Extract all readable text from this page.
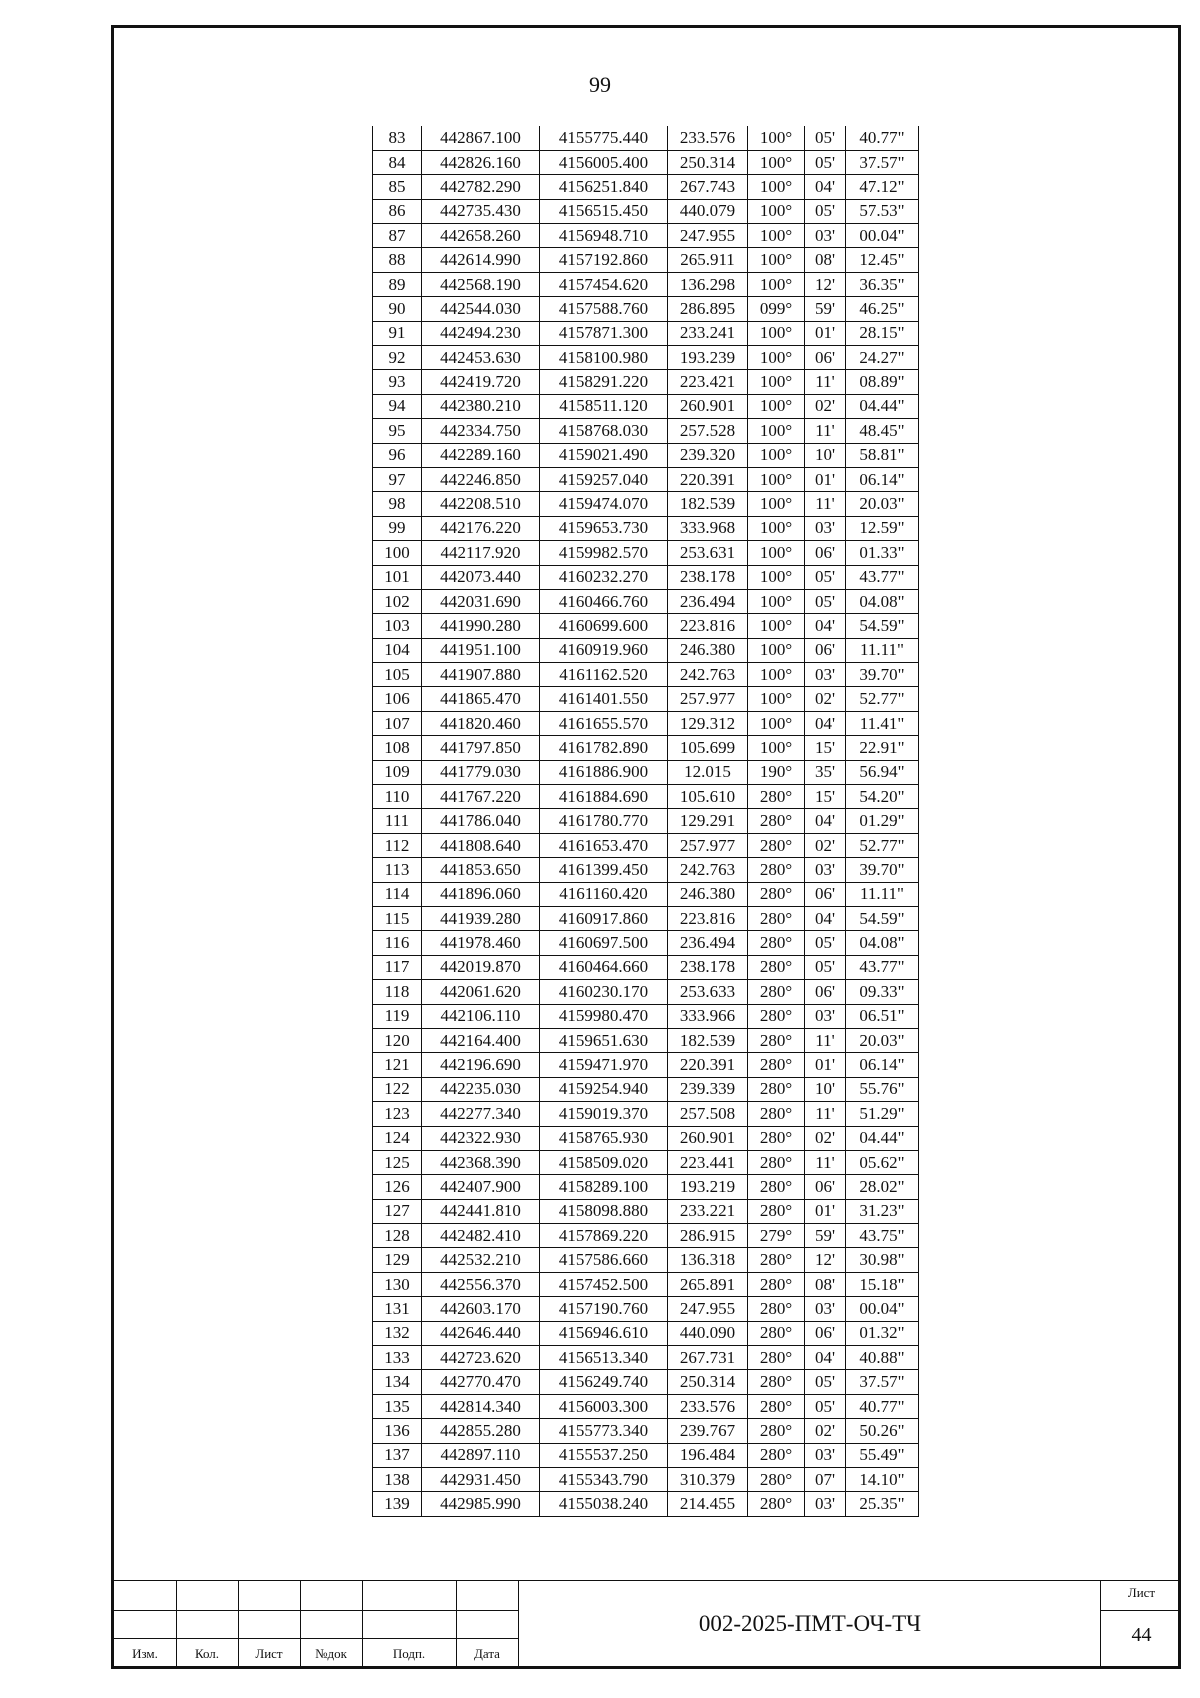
99
83	442867.100	4155775.440	233.576	100°	05'	40.77"
84	442826.160	4156005.400	250.314	100°	05'	37.57"
85	442782.290	4156251.840	267.743	100°	04'	47.12"
86	442735.430	4156515.450	440.079	100°	05'	57.53"
87	442658.260	4156948.710	247.955	100°	03'	00.04"
88	442614.990	4157192.860	265.911	100°	08'	12.45"
89	442568.190	4157454.620	136.298	100°	12'	36.35"
90	442544.030	4157588.760	286.895	099°	59'	46.25"
91	442494.230	4157871.300	233.241	100°	01'	28.15"
92	442453.630	4158100.980	193.239	100°	06'	24.27"
93	442419.720	4158291.220	223.421	100°	11'	08.89"
94	442380.210	4158511.120	260.901	100°	02'	04.44"
95	442334.750	4158768.030	257.528	100°	11'	48.45"
96	442289.160	4159021.490	239.320	100°	10'	58.81"
97	442246.850	4159257.040	220.391	100°	01'	06.14"
98	442208.510	4159474.070	182.539	100°	11'	20.03"
99	442176.220	4159653.730	333.968	100°	03'	12.59"
100	442117.920	4159982.570	253.631	100°	06'	01.33"
101	442073.440	4160232.270	238.178	100°	05'	43.77"
102	442031.690	4160466.760	236.494	100°	05'	04.08"
103	441990.280	4160699.600	223.816	100°	04'	54.59"
104	441951.100	4160919.960	246.380	100°	06'	11.11"
105	441907.880	4161162.520	242.763	100°	03'	39.70"
106	441865.470	4161401.550	257.977	100°	02'	52.77"
107	441820.460	4161655.570	129.312	100°	04'	11.41"
108	441797.850	4161782.890	105.699	100°	15'	22.91"
109	441779.030	4161886.900	12.015	190°	35'	56.94"
110	441767.220	4161884.690	105.610	280°	15'	54.20"
111	441786.040	4161780.770	129.291	280°	04'	01.29"
112	441808.640	4161653.470	257.977	280°	02'	52.77"
113	441853.650	4161399.450	242.763	280°	03'	39.70"
114	441896.060	4161160.420	246.380	280°	06'	11.11"
115	441939.280	4160917.860	223.816	280°	04'	54.59"
116	441978.460	4160697.500	236.494	280°	05'	04.08"
117	442019.870	4160464.660	238.178	280°	05'	43.77"
118	442061.620	4160230.170	253.633	280°	06'	09.33"
119	442106.110	4159980.470	333.966	280°	03'	06.51"
120	442164.400	4159651.630	182.539	280°	11'	20.03"
121	442196.690	4159471.970	220.391	280°	01'	06.14"
122	442235.030	4159254.940	239.339	280°	10'	55.76"
123	442277.340	4159019.370	257.508	280°	11'	51.29"
124	442322.930	4158765.930	260.901	280°	02'	04.44"
125	442368.390	4158509.020	223.441	280°	11'	05.62"
126	442407.900	4158289.100	193.219	280°	06'	28.02"
127	442441.810	4158098.880	233.221	280°	01'	31.23"
128	442482.410	4157869.220	286.915	279°	59'	43.75"
129	442532.210	4157586.660	136.318	280°	12'	30.98"
130	442556.370	4157452.500	265.891	280°	08'	15.18"
131	442603.170	4157190.760	247.955	280°	03'	00.04"
132	442646.440	4156946.610	440.090	280°	06'	01.32"
133	442723.620	4156513.340	267.731	280°	04'	40.88"
134	442770.470	4156249.740	250.314	280°	05'	37.57"
135	442814.340	4156003.300	233.576	280°	05'	40.77"
136	442855.280	4155773.340	239.767	280°	02'	50.26"
137	442897.110	4155537.250	196.484	280°	03'	55.49"
138	442931.450	4155343.790	310.379	280°	07'	14.10"
139	442985.990	4155038.240	214.455	280°	03'	25.35"
Изм.	Кол.	Лист	№док	Подп.	Дата
002-2025-ПМТ-ОЧ-ТЧ
Лист
44
